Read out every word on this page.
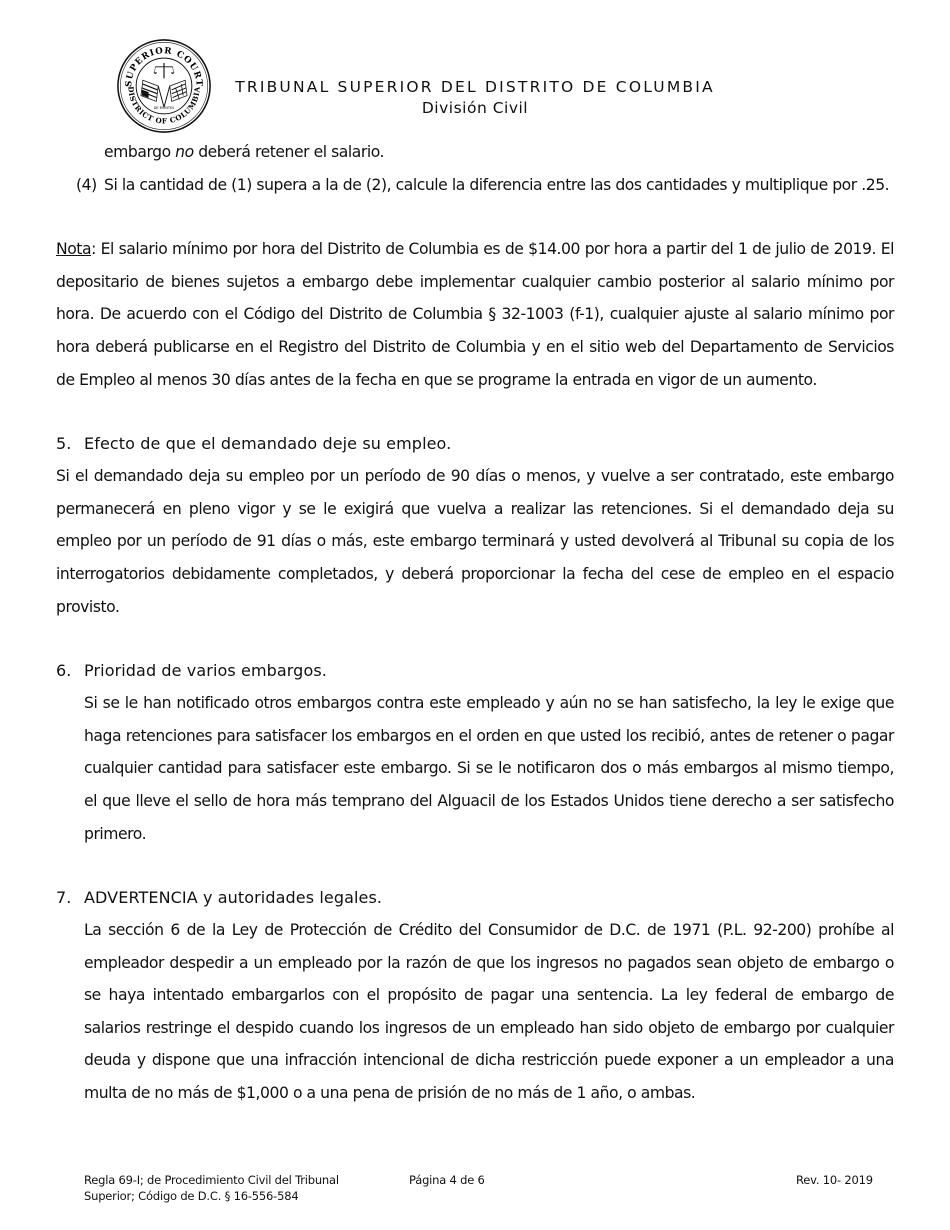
SUPERIOR COURT
DISTRICT OF COLUMBIA
DE MONTES
TRIBUNAL SUPERIOR DEL DISTRITO DE COLUMBIA
División Civil
embargo no deberá retener el salario.
(4) Si la cantidad de (1) supera a la de (2), calcule la diferencia entre las dos cantidades y multiplique por .25.

Nota: El salario mínimo por hora del Distrito de Columbia es de $14.00 por hora a partir del 1 de julio de 2019. El depositario de bienes sujetos a embargo debe implementar cualquier cambio posterior al salario mínimo por hora. De acuerdo con el Código del Distrito de Columbia § 32-1003 (f-1), cualquier ajuste al salario mínimo por hora deberá publicarse en el Registro del Distrito de Columbia y en el sitio web del Departamento de Servicios de Empleo al menos 30 días antes de la fecha en que se programe la entrada en vigor de un aumento.

5. Efecto de que el demandado deje su empleo.

Si el demandado deja su empleo por un período de 90 días o menos, y vuelve a ser contratado, este embargo permanecerá en pleno vigor y se le exigirá que vuelva a realizar las retenciones. Si el demandado deja su empleo por un período de 91 días o más, este embargo terminará y usted devolverá al Tribunal su copia de los interrogatorios debidamente completados, y deberá proporcionar la fecha del cese de empleo en el espacio provisto.

6. Prioridad de varios embargos.

Si se le han notificado otros embargos contra este empleado y aún no se han satisfecho, la ley le exige que haga retenciones para satisfacer los embargos en el orden en que usted los recibió, antes de retener o pagar cualquier cantidad para satisfacer este embargo. Si se le notificaron dos o más embargos al mismo tiempo, el que lleve el sello de hora más temprano del Alguacil de los Estados Unidos tiene derecho a ser satisfecho primero.

7. ADVERTENCIA y autoridades legales.

La sección 6 de la Ley de Protección de Crédito del Consumidor de D.C. de 1971 (P.L. 92-200) prohíbe al empleador despedir a un empleado por la razón de que los ingresos no pagados sean objeto de embargo o se haya intentado embargarlos con el propósito de pagar una sentencia. La ley federal de embargo de salarios restringe el despido cuando los ingresos de un empleado han sido objeto de embargo por cualquier deuda y dispone que una infracción intencional de dicha restricción puede exponer a un empleador a una multa de no más de $1,000 o a una pena de prisión de no más de 1 año, o ambas.

Regla 69-I; de Procedimiento Civil del Tribunal
Superior; Código de D.C. § 16-556-584
Página 4 de 6	Rev. 10- 2019
